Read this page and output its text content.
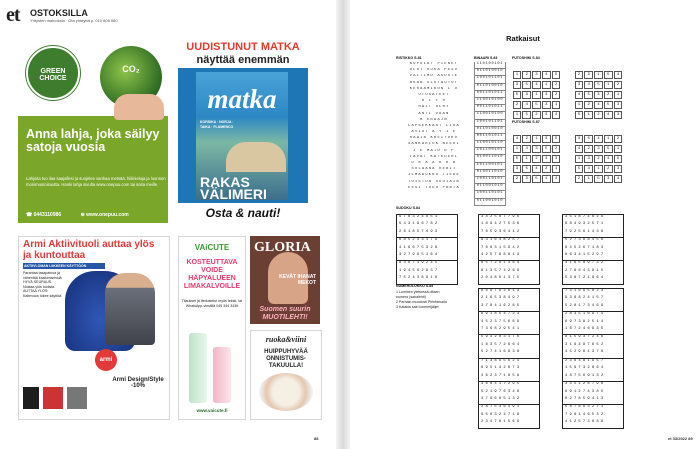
et OSTOKSILLA
Yritysten mainoksia · Ota yhteyttä p. 010 808 080
GREEN CHOICE
CO₂
Anna lahja, joka säilyy satoja vuosia
Lahjoita tuo ilaa saajallesi ja suojelee vanhaa metsää, hiilinieluja ja luonnon monimuotoisuutta. Hanki lahja sivulta www.onepuu.com tai soita meille.
☎ 0443110986	⊕ www.onepuu.com
UUDISTUNUT MATKA
näyttää enemmän
matka
KORSIKA · NORJA · TAIKA · FLAMENCO
RAKAS VÄLIMERI
Osta & nauti!
Armi Aktiivituoli auttaa ylös ja kuntouttaa
AKTIIVI-OMAN LIIKKEEN KÄYTTÖÖN
Parantaa tasapainoa ja vähentää kaatumisriskiä. HYVÄ SEURAUS. Nostaa ylös tuolista. AUTTAA YLÖS: Kaltevuus tukee käyttöä.
armi
Armi Design/Style -10%
VAiCUTE
KOSTEUTTAVA VOIDE HÄPYALUEEN LIMAKALVOILLE
Tilaukset ja tiedustelut myös teksti- tai WhatsApp-viestillä 045 344 3436
www.vaicute.fi
GLORIA
KEVÄT IHANAT MEKOT
Suomen suurin MUOTILEHTI!
ruoka&viini
HUIPPUHYVÄÄ ONNISTUMIS-TAKUULLA!
88
Ratkaisut
RISTIKKO S.81
NOPOLAT PIENET
OLOT RUKA PESU
VALTIMO ASUSTE
AKAA OLUTAUTOT
KERAAMIKON L U
UTUSATEET
R L Y H
HAIT OLHY
ANTI VAAN
M ERAAJN
LAPSEKKAAT LIRA
AVIOT A Y I E
RAAIN KREITOKO
SANKARIUK NEERI
J E MATO R P
TAVAT KATEDERI
D R A A R R A
SOLAANA REBIT
ILMAAUKKO TIEDE
TOISTUA SUOJAIN
ESSI TODO PANTA
BINAARI S.83
110100101
011010010
100101101
011010010
001101011
110010100
001101011
110010100
100101101
011010010
001101011
110010110
101100101
010011010
101100101
010011010
100110101
011001010
100110101
011001010
FUTOSHIKI S.84
FUTOSHIKI S.87
1 2 3 4 5
3 5 4 1 2
5 3 1 4 2
2 4 5 3 1
1 5 2 3 4
2 3 1 5 4
3 4 5 1 2
4 5 3 2 1
1 2 4 5 3
5 1 2 4 3
4 2 1 3 5
1 4 3 5 2
5 1 2 4 3
3 5 4 2 1
2 3 5 1 4
3 5 4 1 2
4 2 3 5 1
1 3 2 4 5
5 4 1 2 3
2 1 5 3 4
SUDOKU S.84
978324651
543196782
261857493
685243179
419675328
327985164
836719245
194562837
752438916
342587796
189427536
765936412
931648257
768315942
425798613
657291384
813574269
204861375
351874629
684932571
792561438
527398456
945267183
863415297
416589732
278643915
538721964
869792813
216538497
378416285
691854723
452375689
736829541
594283176
183572964
527416938
741695823
936824157
528173469
283516974
697382514
167246935
815937246
319487652
452961378
713895624
895142673
462371859
368417295
521976348
479685132
287536491
956324718
234781569
236481957
159732864
487569132
345126798
691274385
627859413
587693271
798146532
412573689
NUMEROLUKKO S.85
1 Luminen yleisessä ottaen
numero (sanalehti)
2 Parhain muodosti Pirinfamalla
3 Kaiakia sairi ionmerijäljet
et 33/2022 89
